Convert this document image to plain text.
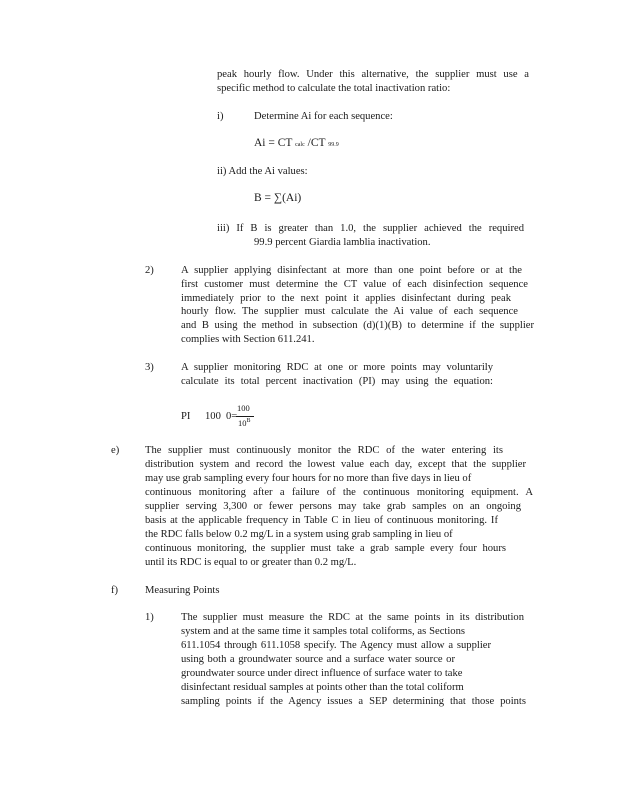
peak hourly flow. Under this alternative, the supplier must use a
specific method to calculate the total inactivation ratio:
i)	Determine Ai for each sequence:
Ai = CT calc /CT 99.9
ii) Add the Ai values:
B = ∑(Ai)
iii) If B is greater than 1.0, the supplier achieved the required
99.9 percent Giardia lamblia inactivation.
2)	A supplier applying disinfectant at more than one point before or at the
first customer must determine the CT value of each disinfection sequence
immediately prior to the next point it applies disinfectant during peak
hourly flow. The supplier must calculate the Ai value of each sequence
and B using the method in subsection (d)(1)(B) to determine if the supplier
complies with Section 611.241.
3)	A supplier monitoring RDC at one or more points may voluntarily
calculate its total percent inactivation (PI) may using the equation:
PI 100 0=
100
$10^B$
e) The supplier must continuously monitor the RDC of the water entering its
distribution system and record the lowest value each day, except that the supplier
may use grab sampling every four hours for no more than five days in lieu of
continuous monitoring after a failure of the continuous monitoring equipment. A
supplier serving 3,300 or fewer persons may take grab samples on an ongoing
basis at the applicable frequency in Table C in lieu of continuous monitoring. If
the RDC falls below 0.2 mg/L in a system using grab sampling in lieu of
continuous monitoring, the supplier must take a grab sample every four hours
until its RDC is equal to or greater than 0.2 mg/L.
f)	Measuring Points
1)	The supplier must measure the RDC at the same points in its distribution
system and at the same time it samples total coliforms, as Sections
611.1054 through 611.1058 specify. The Agency must allow a supplier
using both a groundwater source and a surface water source or
groundwater source under direct influence of surface water to take
disinfectant residual samples at points other than the total coliform
sampling points if the Agency issues a SEP determining that those points
